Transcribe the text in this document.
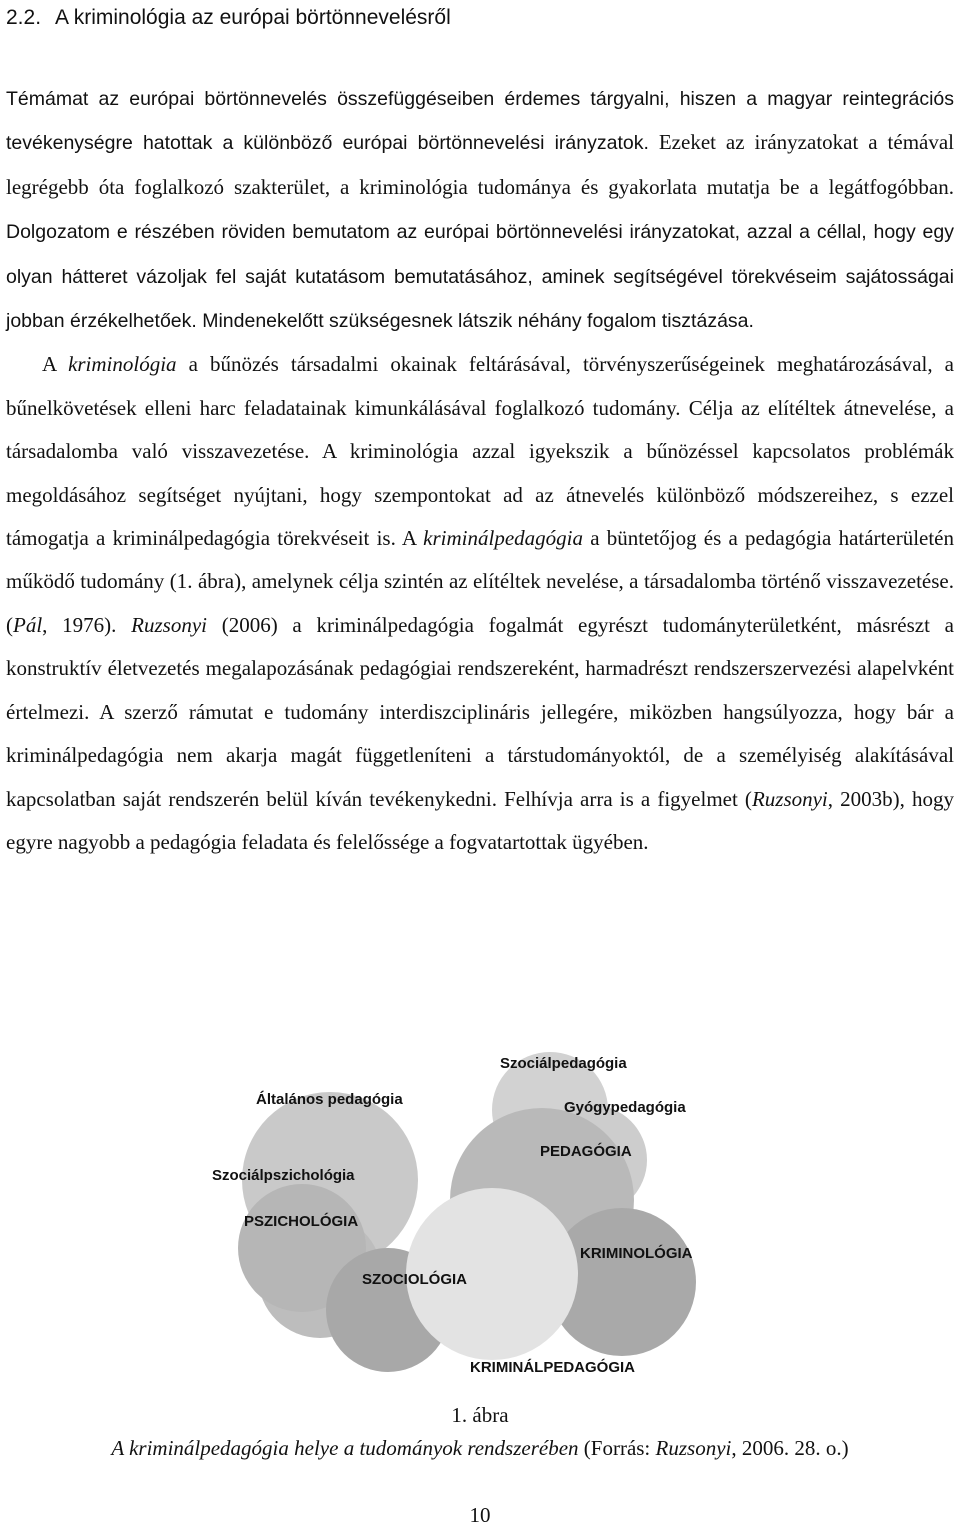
2.2. A kriminológia az európai börtönnevelésről

Témámat az európai börtönnevelés összefüggéseiben érdemes tárgyalni, hiszen a magyar reintegrációs tevékenységre hatottak a különböző európai börtönnevelési irányzatok. Ezeket az irányzatokat a témával legrégebb óta foglalkozó szakterület, a kriminológia tudománya és gyakorlata mutatja be a legátfogóbban. Dolgozatom e részében röviden bemutatom az európai börtönnevelési irányzatokat, azzal a céllal, hogy egy olyan hátteret vázoljak fel saját kutatásom bemutatásához, aminek segítségével törekvéseim sajátosságai jobban érzékelhetőek. Mindenekelőtt szükségesnek látszik néhány fogalom tisztázása.

A kriminológia a bűnözés társadalmi okainak feltárásával, törvényszerűségeinek meghatározásával, a bűnelkövetések elleni harc feladatainak kimunkálásával foglalkozó tudomány. Célja az elítéltek átnevelése, a társadalomba való visszavezetése. A kriminológia azzal igyekszik a bűnözéssel kapcsolatos problémák megoldásához segítséget nyújtani, hogy szempontokat ad az átnevelés különböző módszereihez, s ezzel támogatja a kriminálpedagógia törekvéseit is. A kriminálpedagógia a büntetőjog és a pedagógia határterületén működő tudomány (1. ábra), amelynek célja szintén az elítéltek nevelése, a társadalomba történő visszavezetése. (Pál, 1976). Ruzsonyi (2006) a kriminálpedagógia fogalmát egyrészt tudományterületként, másrészt a konstruktív életvezetés megalapozásának pedagógiai rendszereként, harmadrészt rendszerszervezési alapelvként értelmezi. A szerző rámutat e tudomány interdiszciplináris jellegére, miközben hangsúlyozza, hogy bár a kriminálpedagógia nem akarja magát függetleníteni a társtudományoktól, de a személyiség alakításával kapcsolatban saját rendszerén belül kíván tevékenykedni. Felhívja arra is a figyelmet (Ruzsonyi, 2003b), hogy egyre nagyobb a pedagógia feladata és felelőssége a fogvatartottak ügyében.

Szociálpedagógia
Általános pedagógia	Gyógypedagógia
PEDAGÓGIA
Szociálpszichológia
PSZICHOLÓGIA
KRIMINOLÓGIA
SZOCIOLÓGIA
KRIMINÁLPEDAGÓGIA
1. ábra
A kriminálpedagógia helye a tudományok rendszerében (Forrás: Ruzsonyi, 2006. 28. o.)
10
